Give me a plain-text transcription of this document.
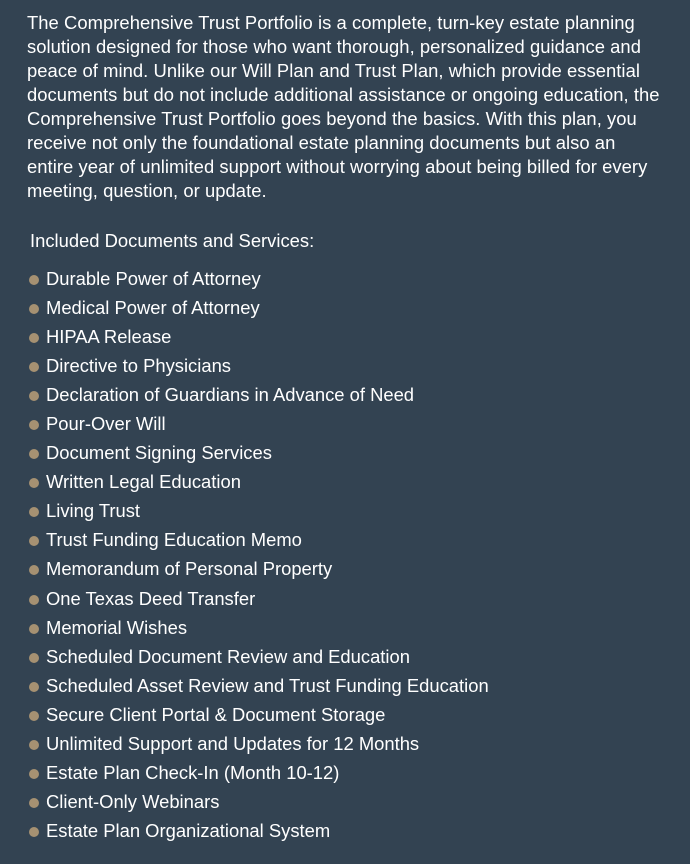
The Comprehensive Trust Portfolio is a complete, turn-key estate planning solution designed for those who want thorough, personalized guidance and peace of mind. Unlike our Will Plan and Trust Plan, which provide essential documents but do not include additional assistance or ongoing education, the Comprehensive Trust Portfolio goes beyond the basics. With this plan, you receive not only the foundational estate planning documents but also an entire year of unlimited support without worrying about being billed for every meeting, question, or update.

Included Documents and Services:
Durable Power of Attorney
Medical Power of Attorney
HIPAA Release
Directive to Physicians
Declaration of Guardians in Advance of Need
Pour-Over Will
Document Signing Services
Written Legal Education
Living Trust
Trust Funding Education Memo
Memorandum of Personal Property
One Texas Deed Transfer
Memorial Wishes
Scheduled Document Review and Education
Scheduled Asset Review and Trust Funding Education
Secure Client Portal & Document Storage
Unlimited Support and Updates for 12 Months
Estate Plan Check-In (Month 10-12)
Client-Only Webinars
Estate Plan Organizational System
